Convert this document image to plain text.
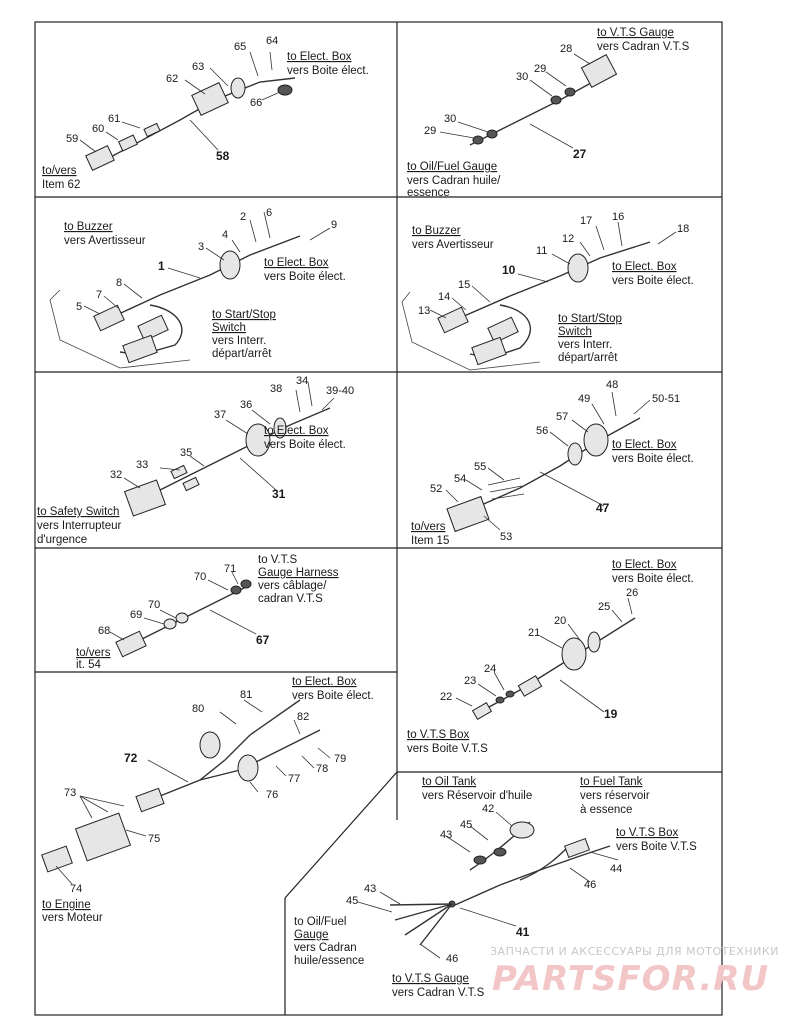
64
65
63
62
66
61
60
59
58
to Elect. Box
vers Boite élect.
to/vers
Item 62
to V.T.S Gauge
vers Cadran V.T.S
28
29
30
30
29
27
to Oil/Fuel Gauge
vers Cadran huile/
essence
6
2
9
4
3
1
8
7
5
to Buzzer
vers Avertisseur
to Elect. Box
vers Boite élect.
to Start/Stop
Switch
vers Interr.
départ/arrêt
17 16
18
12
11
10
15
14
13
to Buzzer
vers Avertisseur
to Elect. Box
vers Boite élect.
to Start/Stop
Switch
vers Interr.
départ/arrêt
38
34
39-40
36
37
35
33
32
31
to Elect. Box
vers Boite élect.
to Safety Switch
vers Interrupteur
d'urgence
48
49	50-51
57
56
55
54
52
53
47
to Elect. Box
vers Boite élect.
to/vers
Item 15
71
70
70
69
68
67
to V.T.S
Gauge Harness
vers câblage/
cadran V.T.S
to/vers
it. 54
26
25
20
21
24
23
22
19
to Elect. Box
vers Boite élect.
to V.T.S Box
vers Boite V.T.S
81
80
82
72	79
78
77
76
73
75
74
to Elect. Box
vers Boite élect.
to Engine
vers Moteur
to Oil Tank
vers Réservoir d'huile
to Fuel Tank
vers réservoir
à essence
to V.T.S Box
vers Boite V.T.S
42
45
43
44
46
43
45
41
46
to Oil/Fuel
Gauge
vers Cadran
huile/essence
to V.T.S Gauge
vers Cadran V.T.S
ЗАПЧАСТИ И АКСЕССУАРЫ ДЛЯ МОТОТЕХНИКИ
PARTSFOR.RU
